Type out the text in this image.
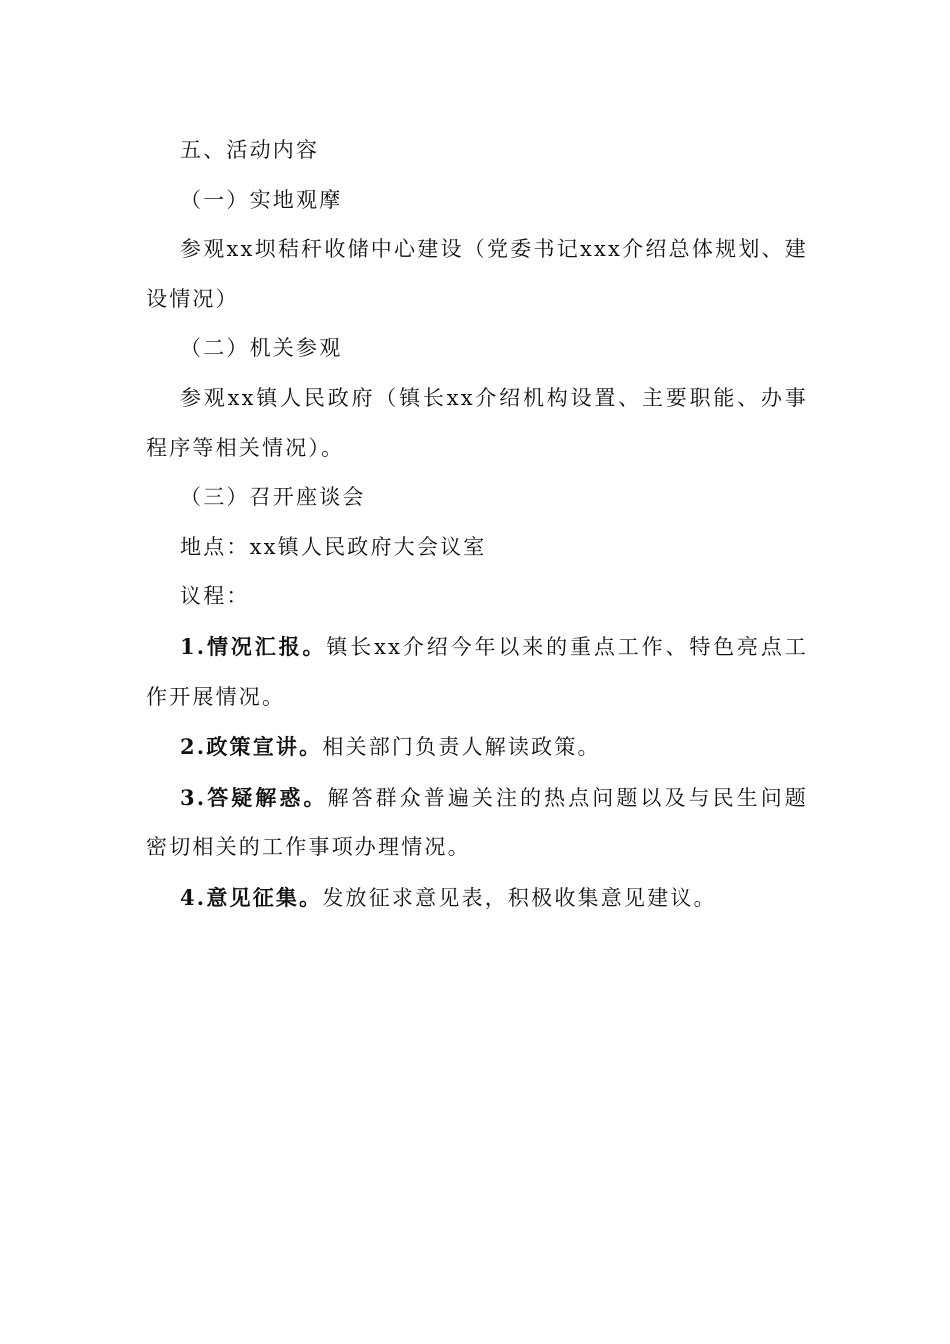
五、活动内容
（一）实地观摩
参观xx坝秸秆收储中心建设（党委书记xxx介绍总体规划、建设情况）
（二）机关参观
参观xx镇人民政府（镇长xx介绍机构设置、主要职能、办事程序等相关情况）。
（三）召开座谈会
地点：xx镇人民政府大会议室
议程：
1.情况汇报。镇长xx介绍今年以来的重点工作、特色亮点工作开展情况。
2.政策宣讲。相关部门负责人解读政策。
3.答疑解惑。解答群众普遍关注的热点问题以及与民生问题密切相关的工作事项办理情况。
4.意见征集。发放征求意见表，积极收集意见建议。
